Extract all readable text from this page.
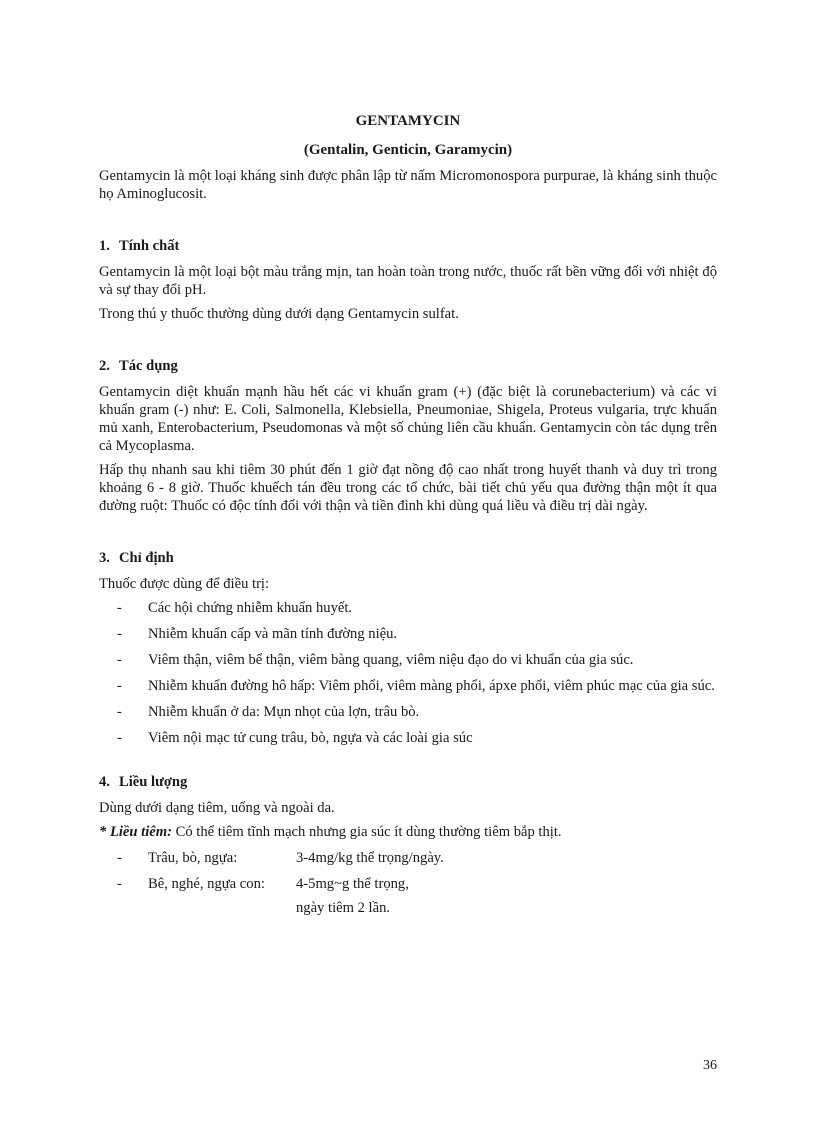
GENTAMYCIN
(Gentalin, Genticin, Garamycin)

Gentamycin là một loại kháng sinh được phân lập từ nấm Micromonospora purpurae, là kháng sinh thuộc họ Aminoglucosit.

1. Tính chất

Gentamycin là một loại bột màu trắng mịn, tan hoàn toàn trong nước, thuốc rất bền vững đối với nhiệt độ và sự thay đổi pH.

Trong thú y thuốc thường dùng dưới dạng Gentamycin sulfat.

2. Tác dụng

Gentamycin diệt khuẩn mạnh hầu hết các vi khuẩn gram (+) (đặc biệt là corunebacterium) và các vi khuẩn gram (-) như: E. Coli, Salmonella, Klebsiella, Pneumoniae, Shigela, Proteus vulgaria, trực khuẩn mủ xanh, Enterobacterium, Pseudomonas và một số chủng liên cầu khuẩn. Gentamycin còn tác dụng trên cả Mycoplasma.

Hấp thụ nhanh sau khi tiêm 30 phút đến 1 giờ đạt nồng độ cao nhất trong huyết thanh và duy trì trong khoảng 6 - 8 giờ. Thuốc khuếch tán đều trong các tổ chức, bài tiết chủ yếu qua đường thận một ít qua đường ruột: Thuốc có độc tính đối với thận và tiền đình khi dùng quá liều và điều trị dài ngày.

3. Chỉ định

Thuốc được dùng để điều trị:

- Các hội chứng nhiễm khuẩn huyết.
- Nhiễm khuẩn cấp và mãn tính đường niệu.
- Viêm thận, viêm bể thận, viêm bàng quang, viêm niệu đạo do vi khuẩn của gia súc.
- Nhiễm khuẩn đường hô hấp: Viêm phổi, viêm màng phổi, ápxe phổi, viêm phúc mạc của gia súc.
- Nhiễm khuẩn ở da: Mụn nhọt của lợn, trâu bò.
- Viêm nội mạc tử cung trâu, bò, ngựa và các loài gia súc
4. Liều lượng

Dùng dưới dạng tiêm, uống và ngoài da.

* Liều tiêm: Có thể tiêm tĩnh mạch nhưng gia súc ít dùng thường tiêm bắp thịt.

- Trâu, bò, ngựa:	3-4mg/kg thể trọng/ngày.
- Bê, nghé, ngựa con: 4-5mg~g thể trọng,
ngày tiêm 2 lần.
36
